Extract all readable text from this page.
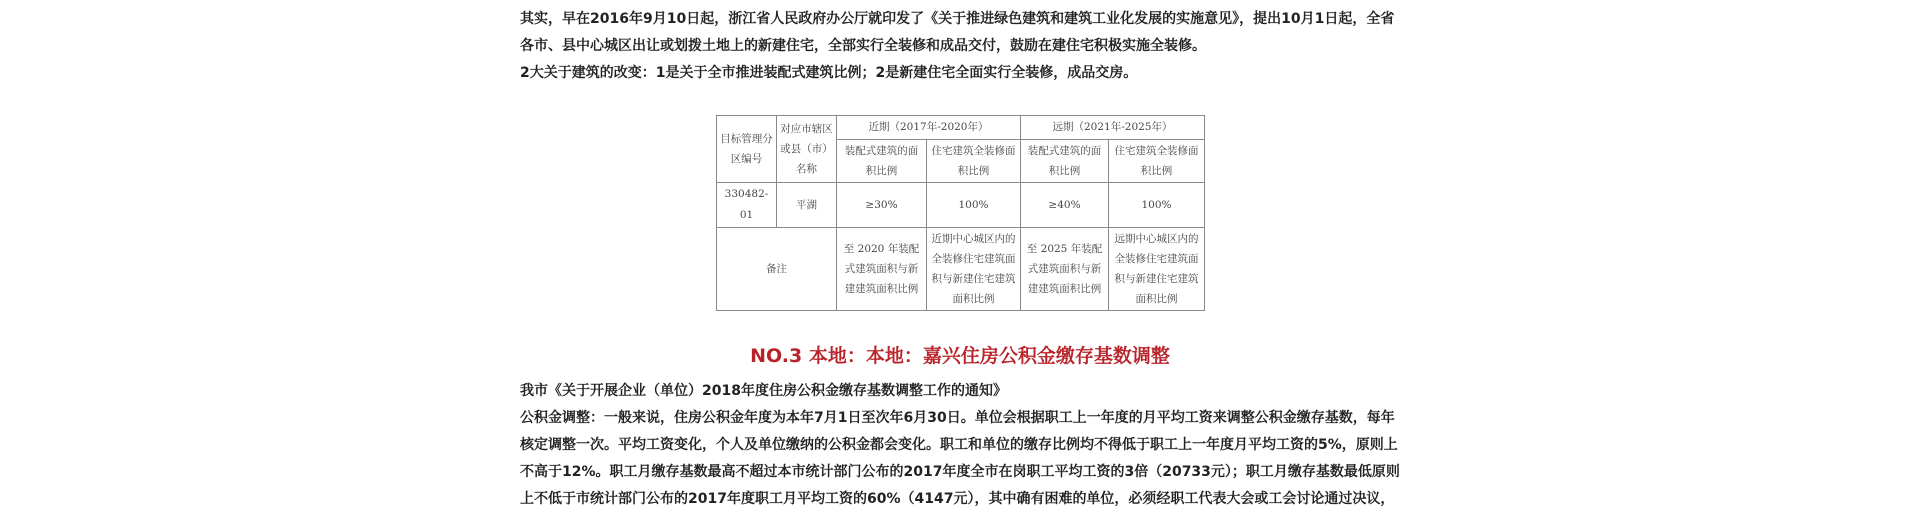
其实，早在2016年9月10日起，浙江省人民政府办公厅就印发了《关于推进绿色建筑和建筑工业化发展的实施意见》，提出10月1日起，全省

各市、县中心城区出让或划拨土地上的新建住宅，全部实行全装修和成品交付，鼓励在建住宅积极实施全装修。

2大关于建筑的改变：1是关于全市推进装配式建筑比例；2是新建住宅全面实行全装修，成品交房。

目标管理分区编号	对应市辖区或县（市）名称	近期（2017年-2020年）		远期（2021年-2025年）	
		装配式建筑的面积比例	住宅建筑全装修面积比例	装配式建筑的面积比例	住宅建筑全装修面积比例
330482-01	平湖	≥30%	100%	≥40%	100%
备注		至 2020 年装配式建筑面积与新建建筑面积比例	近期中心城区内的全装修住宅建筑面积与新建住宅建筑面积比例	至 2025 年装配式建筑面积与新建建筑面积比例	远期中心城区内的全装修住宅建筑面积与新建住宅建筑面积比例
NO.3 本地：本地：嘉兴住房公积金缴存基数调整

我市《关于开展企业（单位）2018年度住房公积金缴存基数调整工作的通知》

公积金调整：一般来说，住房公积金年度为本年7月1日至次年6月30日。单位会根据职工上一年度的月平均工资来调整公积金缴存基数，每年

核定调整一次。平均工资变化，个人及单位缴纳的公积金都会变化。职工和单位的缴存比例均不得低于职工上一年度月平均工资的5%，原则上

不高于12%。职工月缴存基数最高不超过本市统计部门公布的2017年度全市在岗职工平均工资的3倍（20733元）；职工月缴存基数最低原则

上不低于市统计部门公布的2017年度职工月平均工资的60%（4147元），其中确有困难的单位，必须经职工代表大会或工会讨论通过决议，
